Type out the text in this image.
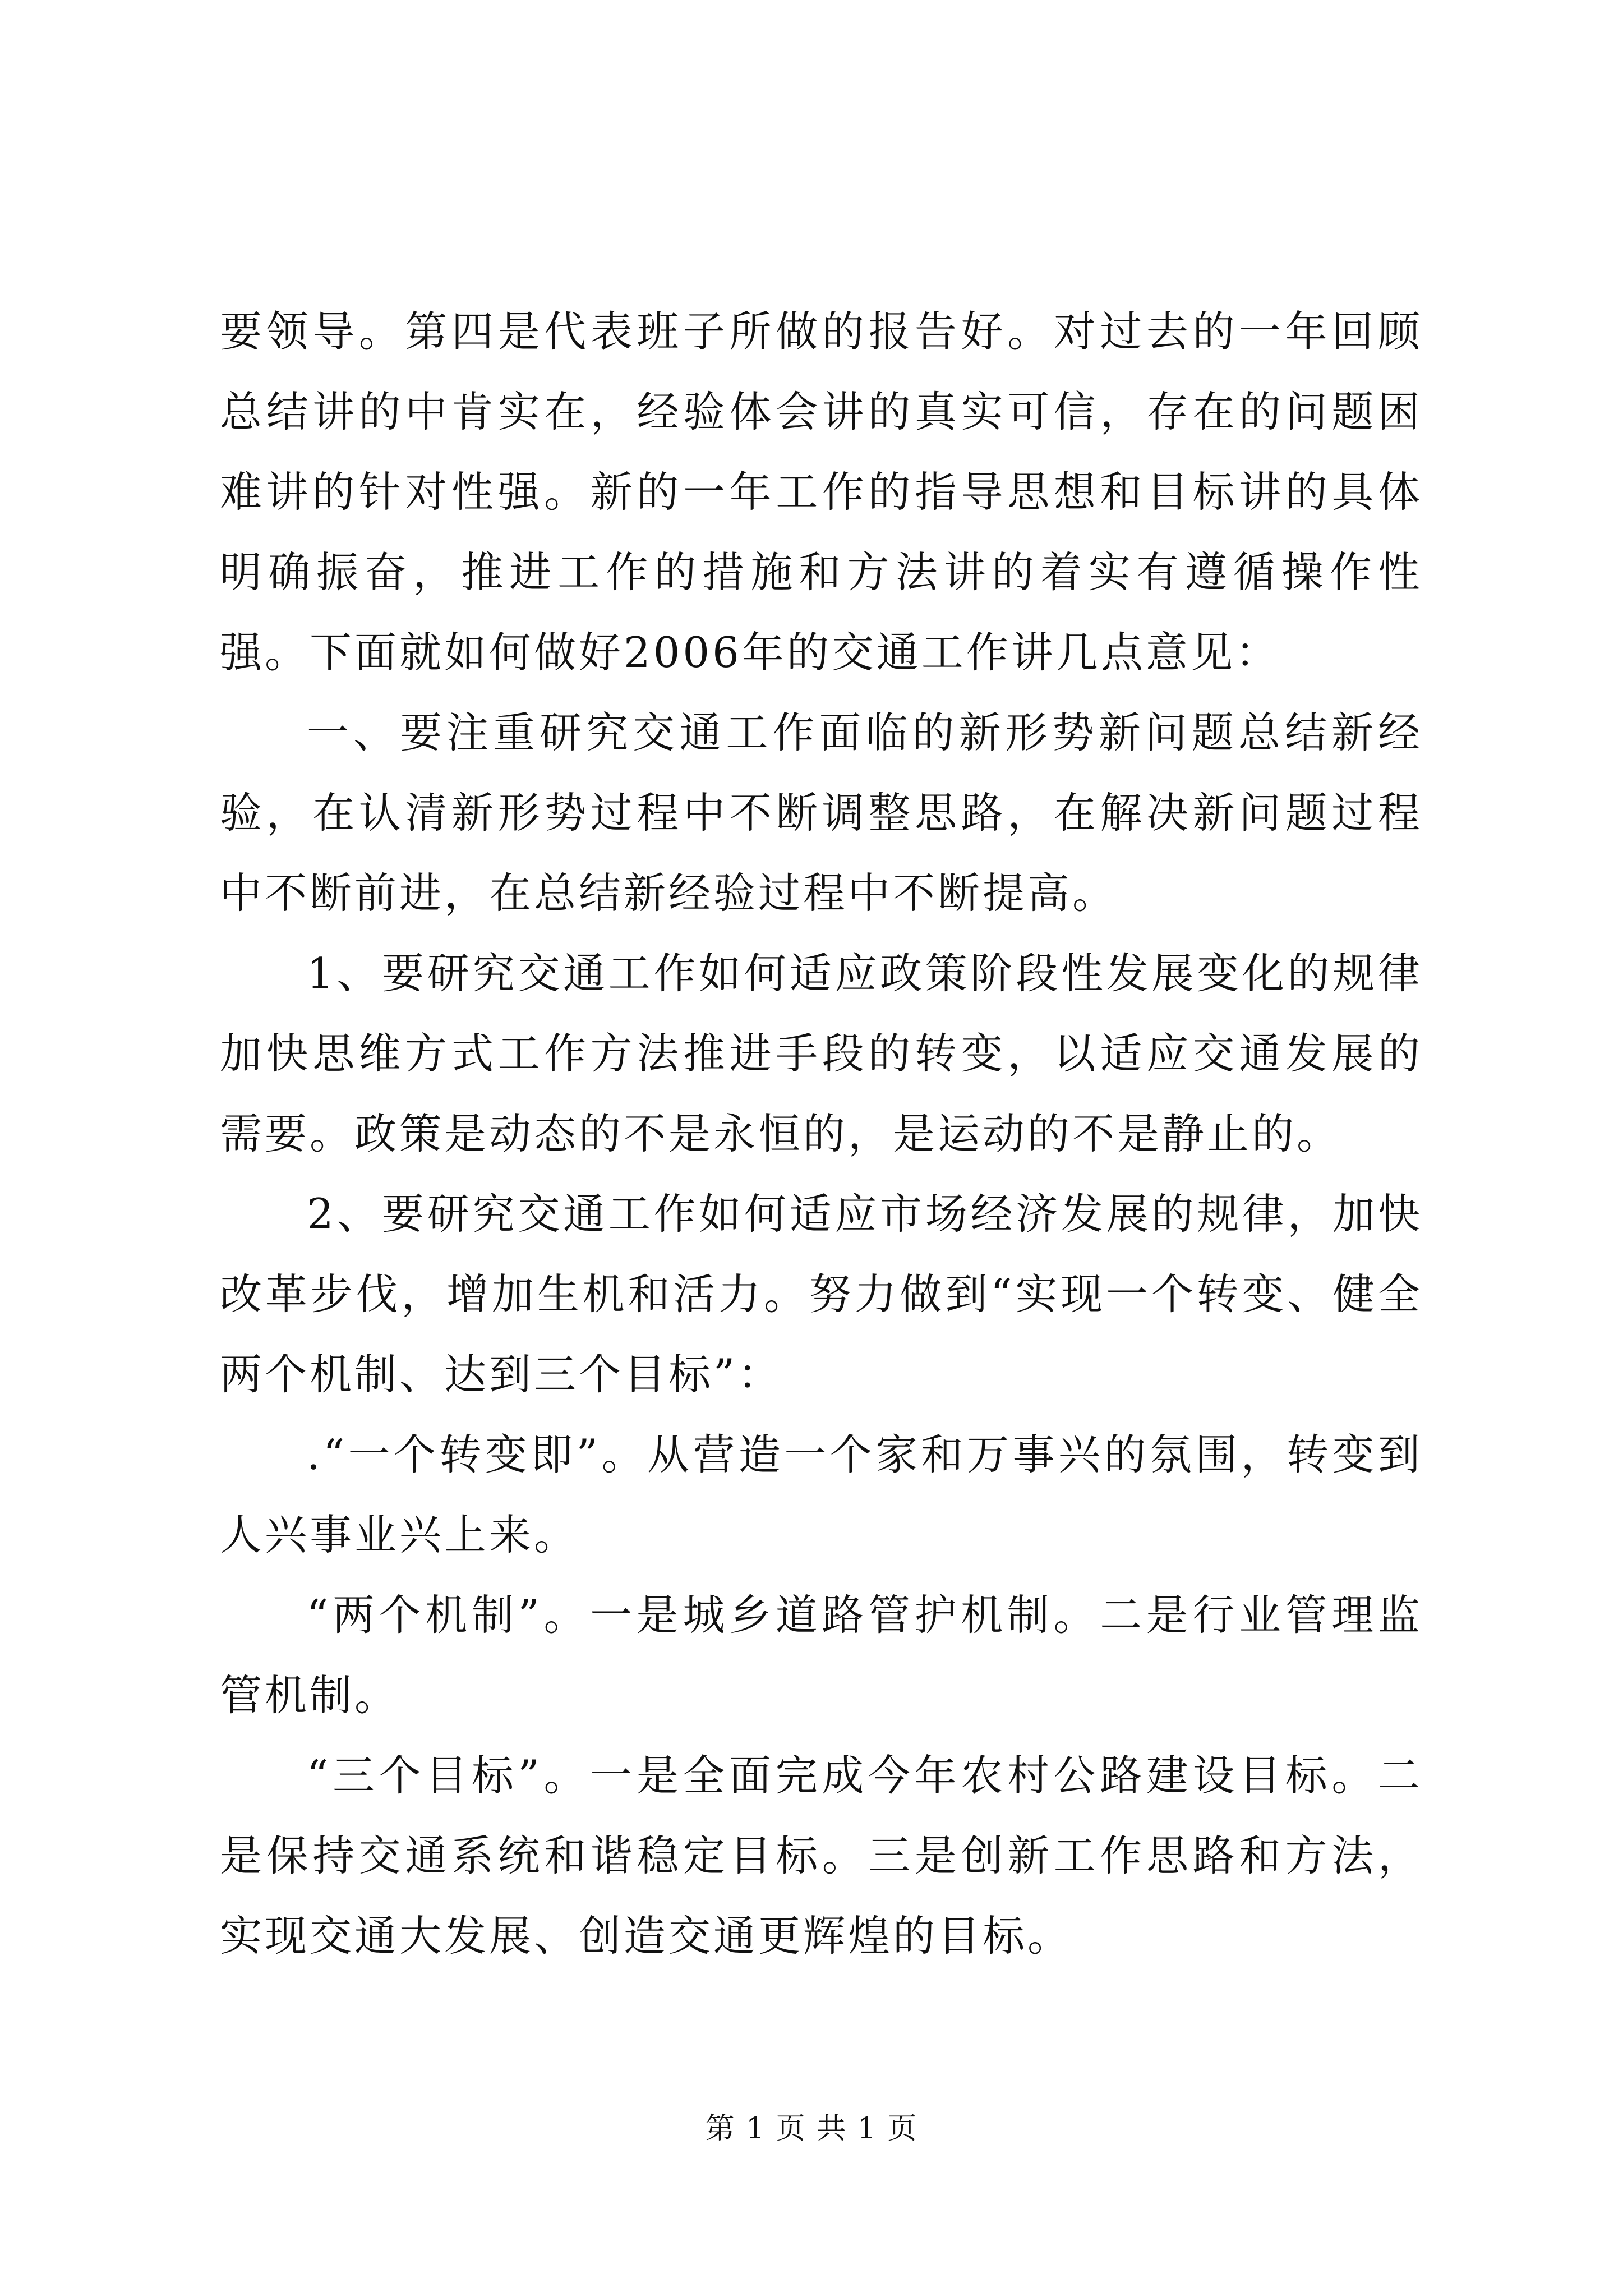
要领导。第四是代表班子所做的报告好。对过去的一年回顾总结讲的中肯实在，经验体会讲的真实可信，存在的问题困难讲的针对性强。新的一年工作的指导思想和目标讲的具体明确振奋，推进工作的措施和方法讲的着实有遵循操作性强。下面就如何做好2006年的交通工作讲几点意见：

一、要注重研究交通工作面临的新形势新问题总结新经验，在认清新形势过程中不断调整思路，在解决新问题过程中不断前进，在总结新经验过程中不断提高。

1、要研究交通工作如何适应政策阶段性发展变化的规律加快思维方式工作方法推进手段的转变，以适应交通发展的需要。政策是动态的不是永恒的，是运动的不是静止的。

2、要研究交通工作如何适应市场经济发展的规律，加快改革步伐，增加生机和活力。努力做到“实现一个转变、健全两个机制、达到三个目标”：

.“一个转变即”。从营造一个家和万事兴的氛围，转变到人兴事业兴上来。

“两个机制”。一是城乡道路管护机制。二是行业管理监管机制。

“三个目标”。一是全面完成今年农村公路建设目标。二是保持交通系统和谐稳定目标。三是创新工作思路和方法，实现交通大发展、创造交通更辉煌的目标。

第 1 页 共 1 页
